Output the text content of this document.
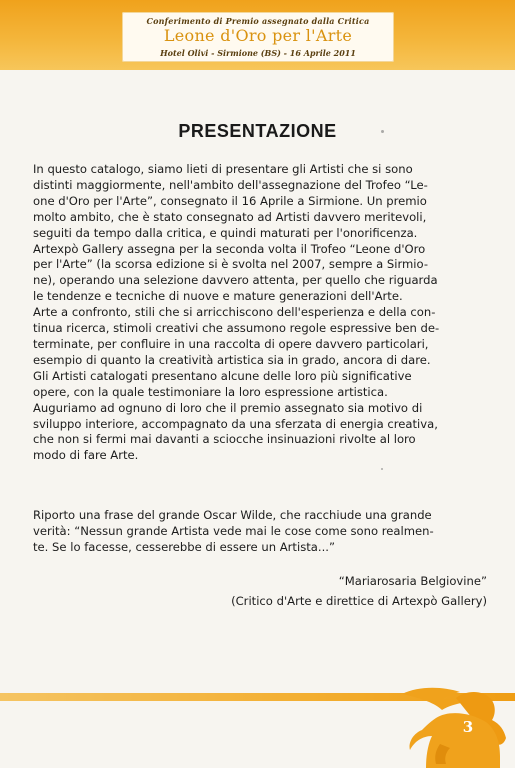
Conferimento di Premio assegnato dalla Critica
Leone d'Oro per l'Arte
Hotel Olivi - Sirmione (BS) - 16 Aprile 2011
PRESENTAZIONE
In questo catalogo, siamo lieti di presentare gli Artisti che si sono
distinti maggiormente, nell'ambito dell'assegnazione del Trofeo “Le-
one d'Oro per l'Arte”, consegnato il 16 Aprile a Sirmione. Un premio
molto ambito, che è stato consegnato ad Artisti davvero meritevoli,
seguiti da tempo dalla critica, e quindi maturati per l'onorificenza.
Artexpò Gallery assegna per la seconda volta il Trofeo “Leone d'Oro
per l'Arte” (la scorsa edizione si è svolta nel 2007, sempre a Sirmio-
ne), operando una selezione davvero attenta, per quello che riguarda
le tendenze e tecniche di nuove e mature generazioni dell'Arte.
Arte a confronto, stili che si arricchiscono dell'esperienza e della con-
tinua ricerca, stimoli creativi che assumono regole espressive ben de-
terminate, per confluire in una raccolta di opere davvero particolari,
esempio di quanto la creatività artistica sia in grado, ancora di dare.
Gli Artisti catalogati presentano alcune delle loro più significative
opere, con la quale testimoniare la loro espressione artistica.
Auguriamo ad ognuno di loro che il premio assegnato sia motivo di
sviluppo interiore, accompagnato da una sferzata di energia creativa,
che non si fermi mai davanti a sciocche insinuazioni rivolte al loro
modo di fare Arte.
Riporto una frase del grande Oscar Wilde, che racchiude una grande
verità: “Nessun grande Artista vede mai le cose come sono realmen-
te. Se lo facesse, cesserebbe di essere un Artista...”
“Mariarosaria Belgiovine”
(Critico d'Arte e direttice di Artexpò Gallery)
3
